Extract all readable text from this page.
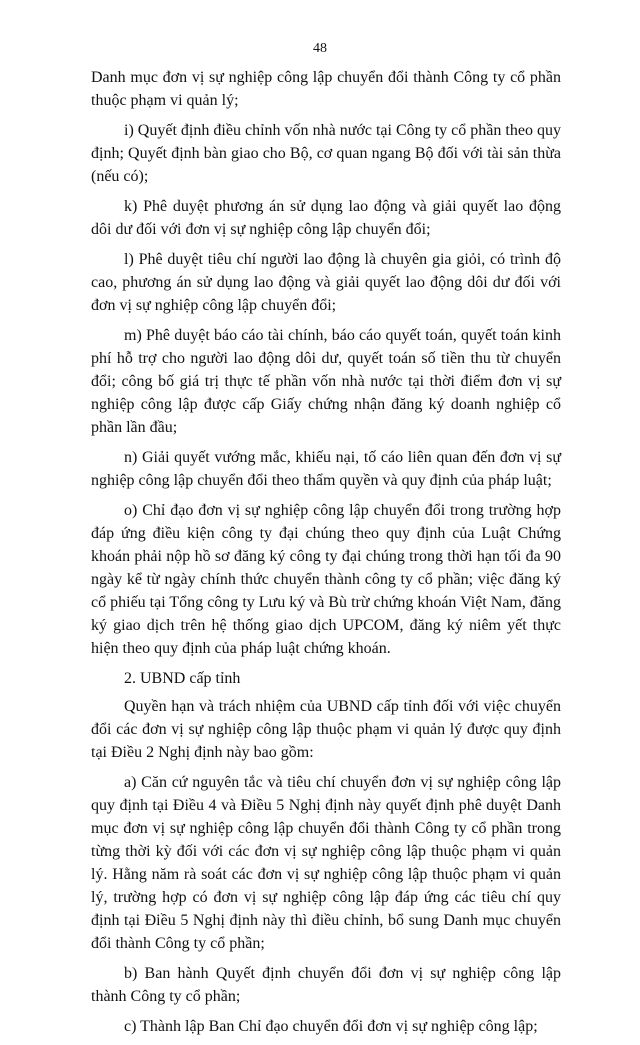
48

Danh mục đơn vị sự nghiệp công lập chuyển đổi thành Công ty cổ phần thuộc phạm vi quản lý;

i) Quyết định điều chỉnh vốn nhà nước tại Công ty cổ phần theo quy định; Quyết định bàn giao cho Bộ, cơ quan ngang Bộ đối với tài sản thừa (nếu có);

k) Phê duyệt phương án sử dụng lao động và giải quyết lao động dôi dư đối với đơn vị sự nghiệp công lập chuyển đổi;

l) Phê duyệt tiêu chí người lao động là chuyên gia giỏi, có trình độ cao, phương án sử dụng lao động và giải quyết lao động dôi dư đối với đơn vị sự nghiệp công lập chuyển đổi;

m) Phê duyệt báo cáo tài chính, báo cáo quyết toán, quyết toán kinh phí hỗ trợ cho người lao động dôi dư, quyết toán số tiền thu từ chuyển đổi; công bố giá trị thực tế phần vốn nhà nước tại thời điểm đơn vị sự nghiệp công lập được cấp Giấy chứng nhận đăng ký doanh nghiệp cổ phần lần đầu;

n) Giải quyết vướng mắc, khiếu nại, tố cáo liên quan đến đơn vị sự nghiệp công lập chuyển đổi theo thẩm quyền và quy định của pháp luật;

o) Chỉ đạo đơn vị sự nghiệp công lập chuyển đổi trong trường hợp đáp ứng điều kiện công ty đại chúng theo quy định của Luật Chứng khoán phải nộp hồ sơ đăng ký công ty đại chúng trong thời hạn tối đa 90 ngày kể từ ngày chính thức chuyển thành công ty cổ phần; việc đăng ký cổ phiếu tại Tổng công ty Lưu ký và Bù trừ chứng khoán Việt Nam, đăng ký giao dịch trên hệ thống giao dịch UPCOM, đăng ký niêm yết thực hiện theo quy định của pháp luật chứng khoán.

2. UBND cấp tỉnh

Quyền hạn và trách nhiệm của UBND cấp tỉnh đối với việc chuyển đổi các đơn vị sự nghiệp công lập thuộc phạm vi quản lý được quy định tại Điều 2 Nghị định này bao gồm:

a) Căn cứ nguyên tắc và tiêu chí chuyển đơn vị sự nghiệp công lập quy định tại Điều 4 và Điều 5 Nghị định này quyết định phê duyệt Danh mục đơn vị sự nghiệp công lập chuyển đổi thành Công ty cổ phần trong từng thời kỳ đối với các đơn vị sự nghiệp công lập thuộc phạm vi quản lý. Hằng năm rà soát các đơn vị sự nghiệp công lập thuộc phạm vi quản lý, trường hợp có đơn vị sự nghiệp công lập đáp ứng các tiêu chí quy định tại Điều 5 Nghị định này thì điều chỉnh, bổ sung Danh mục chuyển đổi thành Công ty cổ phần;

b) Ban hành Quyết định chuyển đổi đơn vị sự nghiệp công lập thành Công ty cổ phần;

c) Thành lập Ban Chỉ đạo chuyển đổi đơn vị sự nghiệp công lập;
